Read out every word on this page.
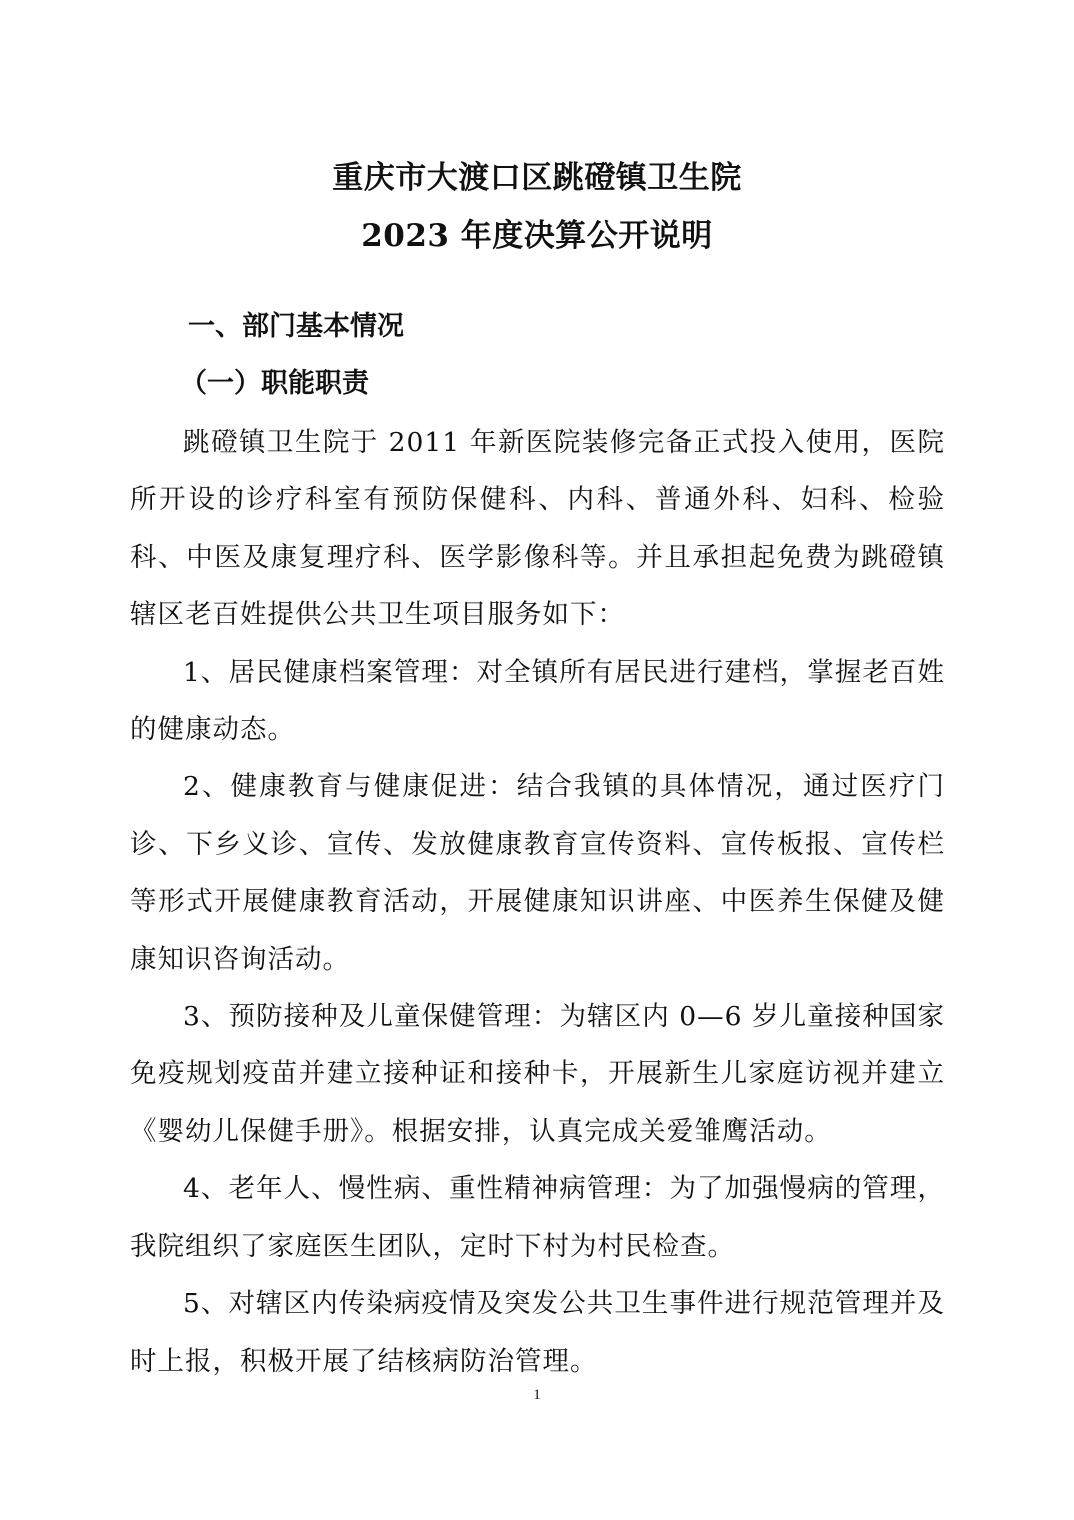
重庆市大渡口区跳磴镇卫生院
2023 年度决算公开说明
一、部门基本情况
（一）职能职责

跳磴镇卫生院于 2011 年新医院装修完备正式投入使用，医院所开设的诊疗科室有预防保健科、内科、普通外科、妇科、检验科、中医及康复理疗科、医学影像科等。并且承担起免费为跳磴镇辖区老百姓提供公共卫生项目服务如下：

1、居民健康档案管理：对全镇所有居民进行建档，掌握老百姓的健康动态。

2、健康教育与健康促进：结合我镇的具体情况，通过医疗门诊、下乡义诊、宣传、发放健康教育宣传资料、宣传板报、宣传栏等形式开展健康教育活动，开展健康知识讲座、中医养生保健及健康知识咨询活动。

3、预防接种及儿童保健管理：为辖区内 0—6 岁儿童接种国家免疫规划疫苗并建立接种证和接种卡，开展新生儿家庭访视并建立《婴幼儿保健手册》。根据安排，认真完成关爱雏鹰活动。

4、老年人、慢性病、重性精神病管理：为了加强慢病的管理，我院组织了家庭医生团队，定时下村为村民检查。

5、对辖区内传染病疫情及突发公共卫生事件进行规范管理并及时上报，积极开展了结核病防治管理。

1
